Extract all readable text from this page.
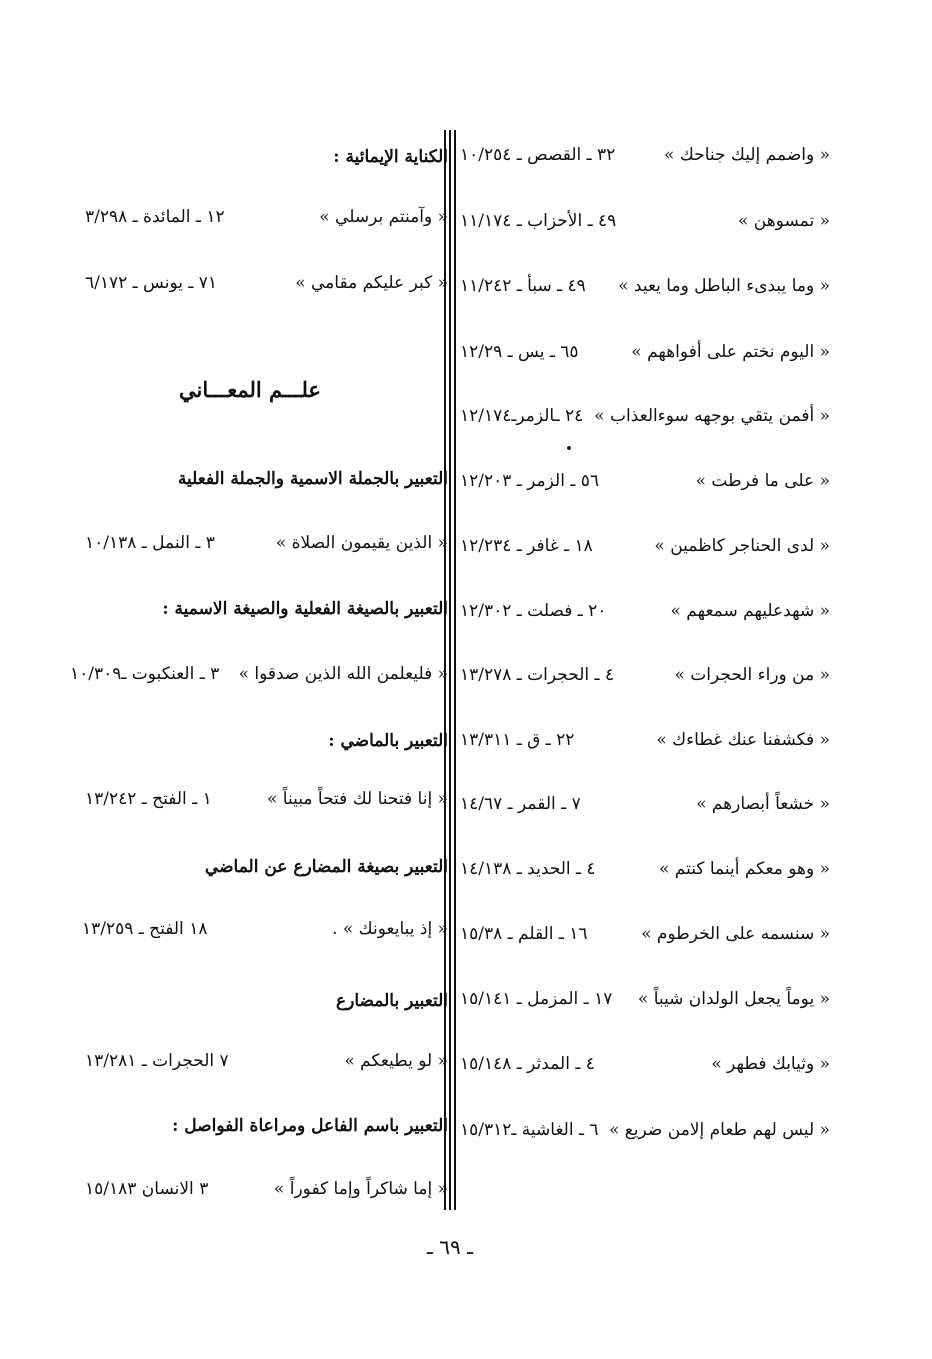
« واضمم إليك جناحك »
٣٢ ـ القصص ـ ١٠/٢٥٤
« تمسوهن »
٤٩ ـ الأحزاب ـ ١١/١٧٤
« وما يبدىء الباطل وما يعيد »
٤٩ ـ سبأ ـ ١١/٢٤٢
« اليوم نختم على أفواههم »
٦٥ ـ يس ـ ١٢/٢٩
« أفمن يتقي بوجهه سوءالعذاب »
٢٤ ـالزمرـ١٢/١٧٤
« على ما فرطت »
٥٦ ـ الزمر ـ ١٢/٢٠٣
« لدى الحناجر كاظمين »
١٨ ـ غافر ـ ١٢/٢٣٤
« شهدعليهم سمعهم »
٢٠ ـ فصلت ـ ١٢/٣٠٢
« من وراء الحجرات »
٤ ـ الحجرات ـ ١٣/٢٧٨
« فكشفنا عنك غطاءك »
٢٢ ـ ق ـ ١٣/٣١١
« خشعاً أبصارهم »
٧ ـ القمر ـ ١٤/٦٧
« وهو معكم أينما كنتم »
٤ ـ الحديد ـ ١٤/١٣٨
« سنسمه على الخرطوم »
١٦ ـ القلم ـ ١٥/٣٨
« يوماً يجعل الولدان شيباً »
١٧ ـ المزمل ـ ١٥/١٤١
« وثيابك فطهر »
٤ ـ المدثر ـ ١٥/١٤٨
« ليس لهم طعام إلامن ضريع »
٦ ـ الغاشية ـ١٥/٣١٢
الكناية الإيمائية :
« وآمنتم برسلي »
١٢ ـ المائدة ـ ٣/٢٩٨
« كبر عليكم مقامي »
٧١ ـ يونس ـ ٦/١٧٢
علـــم المعـــاني
التعبير بالجملة الاسمية والجملة الفعلية
« الذين يقيمون الصلاة »
٣ ـ النمل ـ ١٠/١٣٨
التعبير بالصيغة الفعلية والصيغة الاسمية :
« فليعلمن الله الذين صدقوا »
٣ ـ العنكبوت ـ١٠/٣٠٩
التعبير بالماضي :
« إنا فتحنا لك فتحاً مبيناً »
١ ـ الفتح ـ ١٣/٢٤٢
التعبير بصيغة المضارع عن الماضي
« إذ يبايعونك » .
١٨ الفتح ـ ١٣/٢٥٩
التعبير بالمضارع
« لو يطيعكم »
٧ الحجرات ـ ١٣/٢٨١
التعبير باسم الفاعل ومراعاة الفواصل :
« إما شاكراً وإما كفوراً »
٣ الانسان ١٥/١٨٣
ـ ٦٩ ـ
